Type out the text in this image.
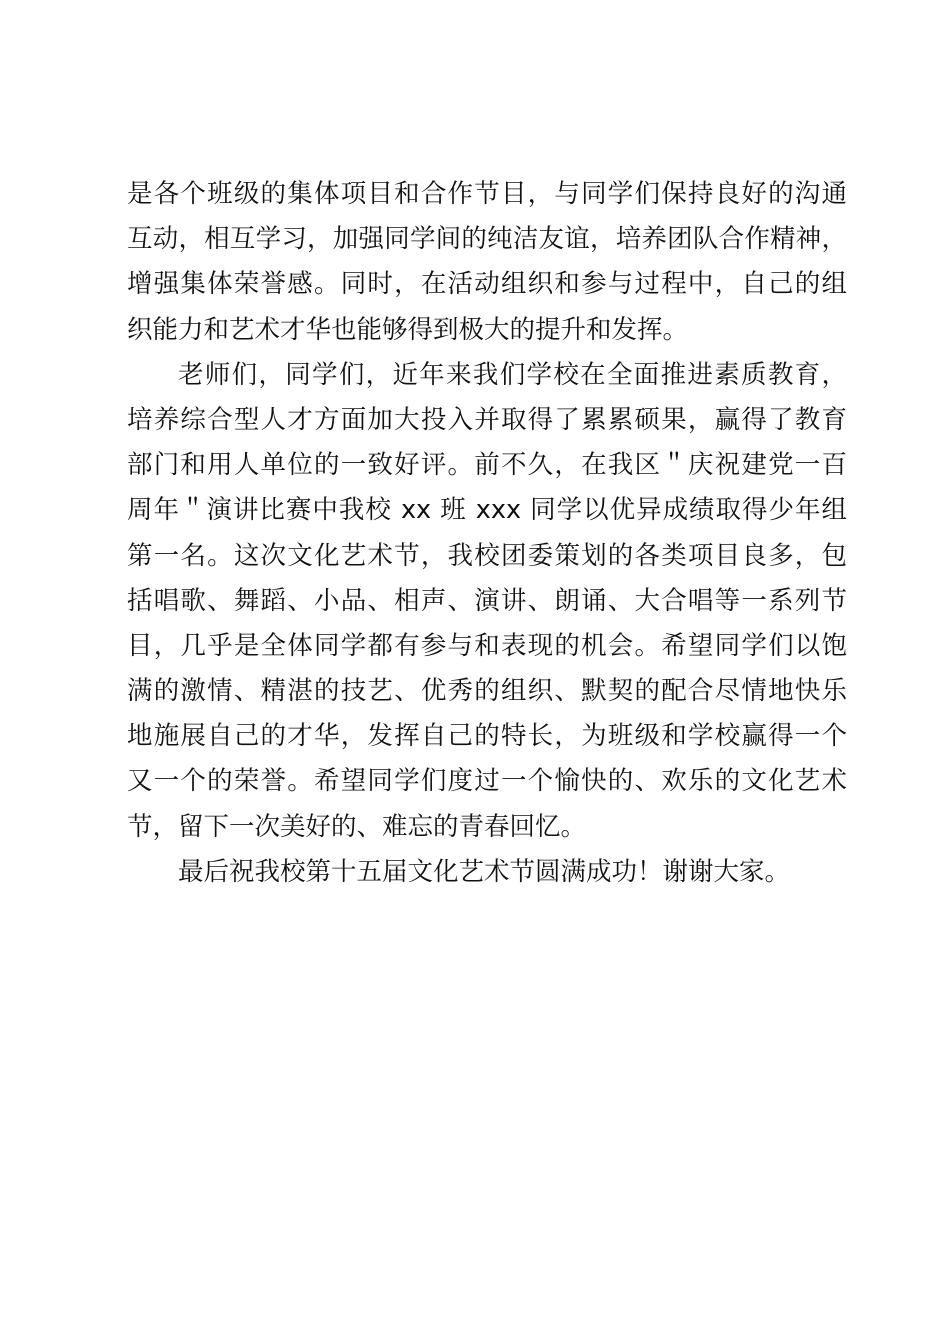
是各个班级的集体项目和合作节目，与同学们保持良好的沟通
互动，相互学习，加强同学间的纯洁友谊，培养团队合作精神，
增强集体荣誉感。同时，在活动组织和参与过程中，自己的组
织能力和艺术才华也能够得到极大的提升和发挥。
老师们，同学们，近年来我们学校在全面推进素质教育，
培养综合型人才方面加大投入并取得了累累硕果，赢得了教育
部门和用人单位的一致好评。前不久，在我区＂庆祝建党一百
周年＂演讲比赛中我校 xx 班 xxx 同学以优异成绩取得少年组
第一名。这次文化艺术节，我校团委策划的各类项目良多，包
括唱歌、舞蹈、小品、相声、演讲、朗诵、大合唱等一系列节
目，几乎是全体同学都有参与和表现的机会。希望同学们以饱
满的激情、精湛的技艺、优秀的组织、默契的配合尽情地快乐
地施展自己的才华，发挥自己的特长，为班级和学校赢得一个
又一个的荣誉。希望同学们度过一个愉快的、欢乐的文化艺术
节，留下一次美好的、难忘的青春回忆。
最后祝我校第十五届文化艺术节圆满成功！谢谢大家。
